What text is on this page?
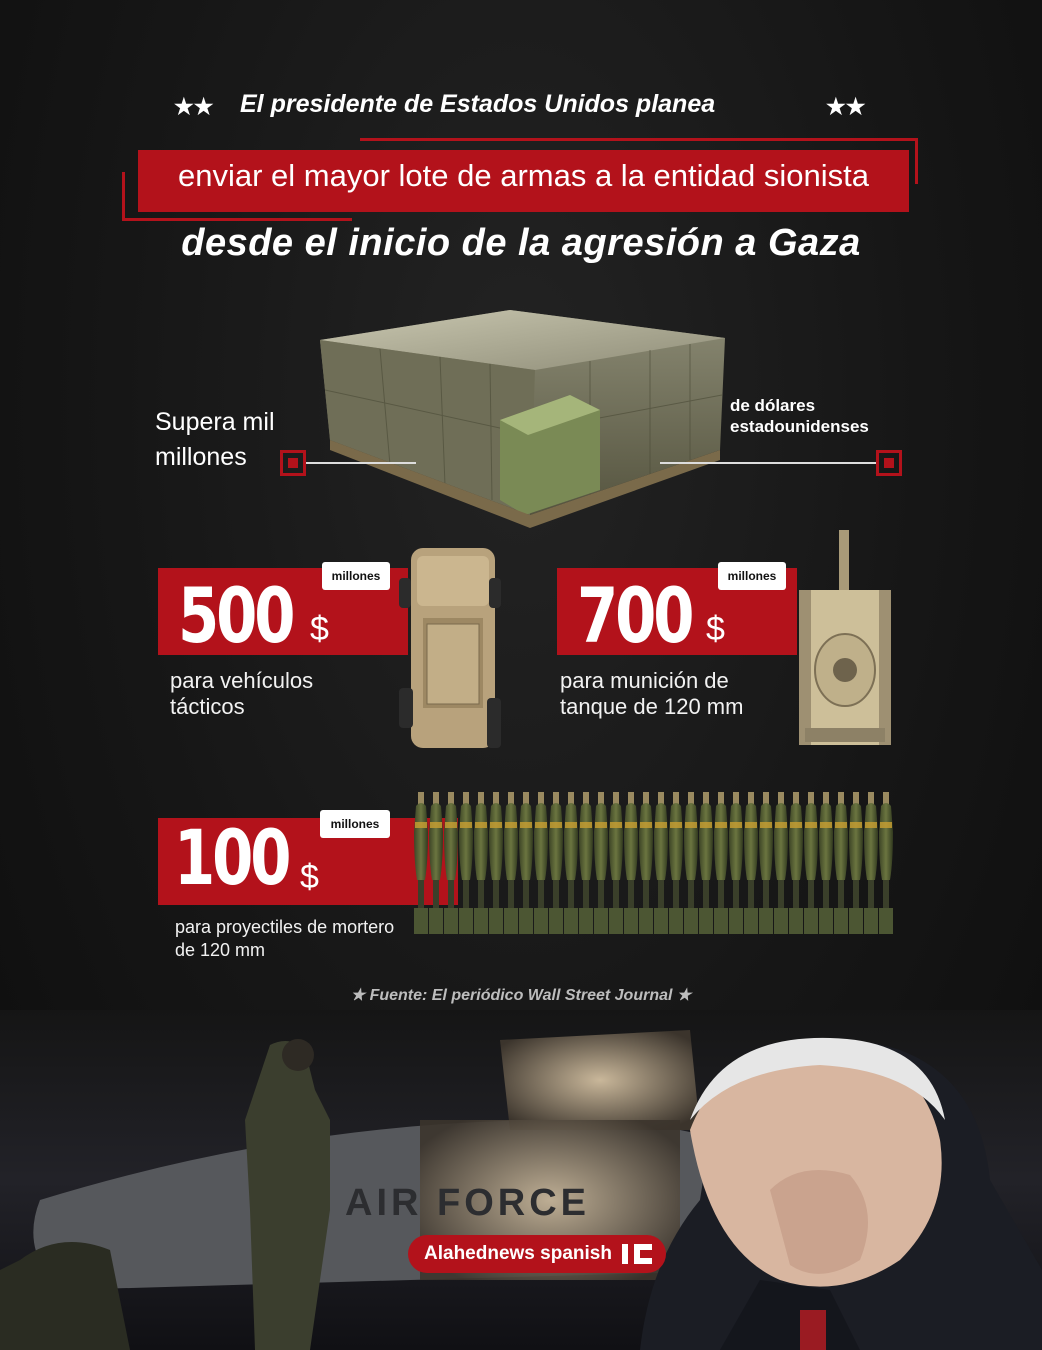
★★ El presidente de Estados Unidos planea	★★
enviar el mayor lote de armas a la entidad sionista
desde el inicio de la agresión a Gaza
Supera mil millones
de dólares estadounidenses
500 $
millones
para vehículos tácticos
700 $
millones
para munición de tanque de 120 mm
100 $
millones
para proyectiles de mortero de 120 mm
★ Fuente: El periódico Wall Street Journal ★
AIR FORCE
Alahednews spanish
